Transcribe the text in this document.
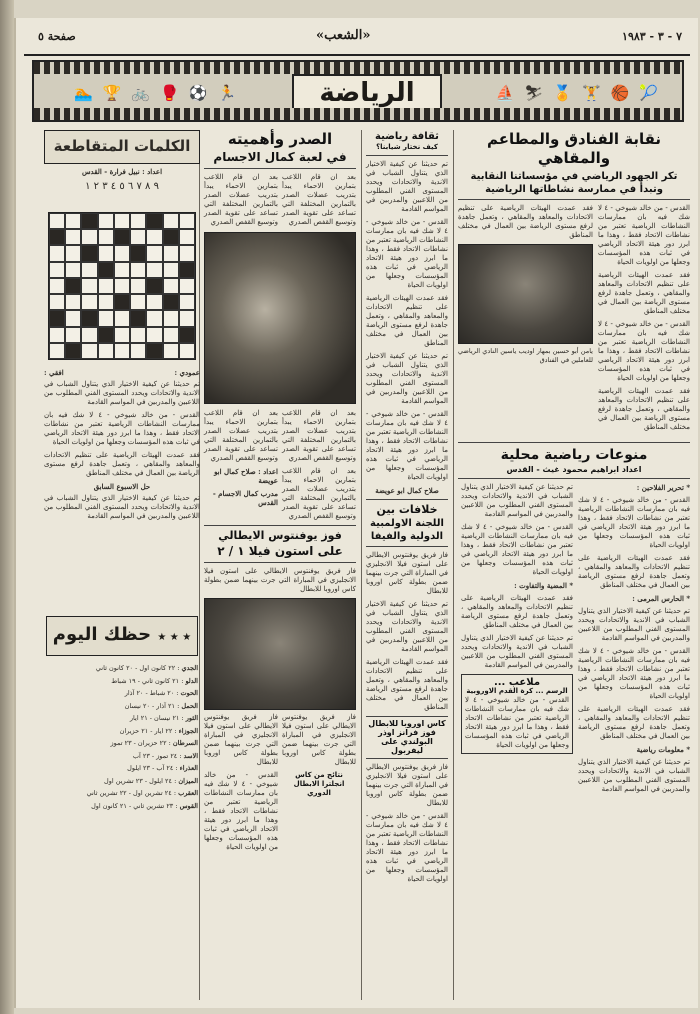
٧ - ٣ - ١٩٨٣
«الشعب»
صفحة ٥
🏃
⚽
🥊
🚲
🏆
🏊	الرياضة	🎾
🏀
🏋
🏅
⛷
⛵
نقابة الفنادق والمطاعم والمقاهي
تكر الجهود الرياضي في مؤسساتنا النقابية
وتبدأ في ممارسة نشاطاتها الرياضية

القدس - من خالد شيوخي - ٤ لا شك فيه بان ممارسات النشاطات الرياضية تعتبر من نشاطات الاتحاد فقط ، وهذا ما ابرز دور هيئة الاتحاد الرياضي في ثبات هذه المؤسسات وجعلها من اولويات الحياة

فقد عمدت الهيئات الرياضية على تنظيم الاتحادات والمعاهد والمقاهي ، وتعمل جاهدة لرفع مستوى الرياضة بين العمال في مختلف المناطق

القدس - من خالد شيوخي - ٤ لا شك فيه بان ممارسات النشاطات الرياضية تعتبر من نشاطات الاتحاد فقط ، وهذا ما ابرز دور هيئة الاتحاد الرياضي في ثبات هذه المؤسسات وجعلها من اولويات الحياة

فقد عمدت الهيئات الرياضية على تنظيم الاتحادات والمعاهد والمقاهي ، وتعمل جاهدة لرفع مستوى الرياضة بين العمال في مختلف المناطق

فقد عمدت الهيئات الرياضية على تنظيم الاتحادات والمعاهد والمقاهي ، وتعمل جاهدة لرفع مستوى الرياضة بين العمال في مختلف المناطق

يامن أبو حسين بمهار اوديب ياسين النادي الرياضي للعاملين في الفنادق

منوعات رياضية محلية
اعداد ابراهيم محمود غيث - القدس

* تحرير الفلاحين :

القدس - من خالد شيوخي - ٤ لا شك فيه بان ممارسات النشاطات الرياضية تعتبر من نشاطات الاتحاد فقط ، وهذا ما ابرز دور هيئة الاتحاد الرياضي في ثبات هذه المؤسسات وجعلها من اولويات الحياة

فقد عمدت الهيئات الرياضية على تنظيم الاتحادات والمعاهد والمقاهي ، وتعمل جاهدة لرفع مستوى الرياضة بين العمال في مختلف المناطق

* الحارس المرمى :

تم حديثنا عن كيفية الاختيار الذي يتناول الشباب في الاندية والاتحادات ويحدد المستوى الفني المطلوب من اللاعبين والمدربين في المواسم القادمة

القدس - من خالد شيوخي - ٤ لا شك فيه بان ممارسات النشاطات الرياضية تعتبر من نشاطات الاتحاد فقط ، وهذا ما ابرز دور هيئة الاتحاد الرياضي في ثبات هذه المؤسسات وجعلها من اولويات الحياة

فقد عمدت الهيئات الرياضية على تنظيم الاتحادات والمعاهد والمقاهي ، وتعمل جاهدة لرفع مستوى الرياضة بين العمال في مختلف المناطق

* معلومات رياضية

تم حديثنا عن كيفية الاختيار الذي يتناول الشباب في الاندية والاتحادات ويحدد المستوى الفني المطلوب من اللاعبين والمدربين في المواسم القادمة

تم حديثنا عن كيفية الاختيار الذي يتناول الشباب في الاندية والاتحادات ويحدد المستوى الفني المطلوب من اللاعبين والمدربين في المواسم القادمة

القدس - من خالد شيوخي - ٤ لا شك فيه بان ممارسات النشاطات الرياضية تعتبر من نشاطات الاتحاد فقط ، وهذا ما ابرز دور هيئة الاتحاد الرياضي في ثبات هذه المؤسسات وجعلها من اولويات الحياة

* المضية والتفاوت :

فقد عمدت الهيئات الرياضية على تنظيم الاتحادات والمعاهد والمقاهي ، وتعمل جاهدة لرفع مستوى الرياضة بين العمال في مختلف المناطق

تم حديثنا عن كيفية الاختيار الذي يتناول الشباب في الاندية والاتحادات ويحدد المستوى الفني المطلوب من اللاعبين والمدربين في المواسم القادمة

ملاعب ...
الرسم ... كرة القدم الاوروبية

القدس - من خالد شيوخي - ٤ لا شك فيه بان ممارسات النشاطات الرياضية تعتبر من نشاطات الاتحاد فقط ، وهذا ما ابرز دور هيئة الاتحاد الرياضي في ثبات هذه المؤسسات وجعلها من اولويات الحياة

ثقافة رياضية
كيف نختار شيابنا؟

تم حديثنا عن كيفية الاختيار الذي يتناول الشباب في الاندية والاتحادات ويحدد المستوى الفني المطلوب من اللاعبين والمدربين في المواسم القادمة

القدس - من خالد شيوخي - ٤ لا شك فيه بان ممارسات النشاطات الرياضية تعتبر من نشاطات الاتحاد فقط ، وهذا ما ابرز دور هيئة الاتحاد الرياضي في ثبات هذه المؤسسات وجعلها من اولويات الحياة

فقد عمدت الهيئات الرياضية على تنظيم الاتحادات والمعاهد والمقاهي ، وتعمل جاهدة لرفع مستوى الرياضة بين العمال في مختلف المناطق

تم حديثنا عن كيفية الاختيار الذي يتناول الشباب في الاندية والاتحادات ويحدد المستوى الفني المطلوب من اللاعبين والمدربين في المواسم القادمة

القدس - من خالد شيوخي - ٤ لا شك فيه بان ممارسات النشاطات الرياضية تعتبر من نشاطات الاتحاد فقط ، وهذا ما ابرز دور هيئة الاتحاد الرياضي في ثبات هذه المؤسسات وجعلها من اولويات الحياة

صلاح كمال ابو عويضة

خلافات بين
اللجنة الاولمبية الدولية والفيفا

فاز فريق يوفنتوس الايطالي على استون فيلا الانجليزي في المباراة التي جرت بينهما ضمن بطولة كاس اوروبا للابطال

تم حديثنا عن كيفية الاختيار الذي يتناول الشباب في الاندية والاتحادات ويحدد المستوى الفني المطلوب من اللاعبين والمدربين في المواسم القادمة

فقد عمدت الهيئات الرياضية على تنظيم الاتحادات والمعاهد والمقاهي ، وتعمل جاهدة لرفع مستوى الرياضة بين العمال في مختلف المناطق

كاس اوروبا للابطال
فوز فرانز اوذر البولندي على ليفربول

فاز فريق يوفنتوس الايطالي على استون فيلا الانجليزي في المباراة التي جرت بينهما ضمن بطولة كاس اوروبا للابطال

القدس - من خالد شيوخي - ٤ لا شك فيه بان ممارسات النشاطات الرياضية تعتبر من نشاطات الاتحاد فقط ، وهذا ما ابرز دور هيئة الاتحاد الرياضي في ثبات هذه المؤسسات وجعلها من اولويات الحياة

الصدر وأهميته
في لعبة كمال الاجسام

بعد ان قام اللاعب بتمارين الاحماء يبدأ بتدريب عضلات الصدر بالتمارين المختلفة التي تساعد على تقوية الصدر وتوسيع القفص الصدري

بعد ان قام اللاعب بتمارين الاحماء يبدأ بتدريب عضلات الصدر بالتمارين المختلفة التي تساعد على تقوية الصدر وتوسيع القفص الصدري

بعد ان قام اللاعب بتمارين الاحماء يبدأ بتدريب عضلات الصدر بالتمارين المختلفة التي تساعد على تقوية الصدر وتوسيع القفص الصدري

بعد ان قام اللاعب بتمارين الاحماء يبدأ بتدريب عضلات الصدر بالتمارين المختلفة التي تساعد على تقوية الصدر وتوسيع القفص الصدري

بعد ان قام اللاعب بتمارين الاحماء يبدأ بتدريب عضلات الصدر بالتمارين المختلفة التي تساعد على تقوية الصدر وتوسيع القفص الصدري

اعداد : صلاح كمال ابو عويضة

مدرب كمال الاجسام - القدس

فوز يوفنتوس الايطالي
على استون فيلا ١ / ٢

فاز فريق يوفنتوس الايطالي على استون فيلا الانجليزي في المباراة التي جرت بينهما ضمن بطولة كاس اوروبا للابطال

فاز فريق يوفنتوس الايطالي على استون فيلا الانجليزي في المباراة التي جرت بينهما ضمن بطولة كاس اوروبا للابطال

نتائج من كاس
انجلترا الابطال
الدوري

فاز فريق يوفنتوس الايطالي على استون فيلا الانجليزي في المباراة التي جرت بينهما ضمن بطولة كاس اوروبا للابطال

القدس - من خالد شيوخي - ٤ لا شك فيه بان ممارسات النشاطات الرياضية تعتبر من نشاطات الاتحاد فقط ، وهذا ما ابرز دور هيئة الاتحاد الرياضي في ثبات هذه المؤسسات وجعلها من اولويات الحياة

الكلمات المتقاطعة
اعداد : نبيل فرارة - القدس
٩ ٨ ٧ ٦ ٥ ٤ ٣ ٢ ١
عمودي :
افقي :

تم حديثنا عن كيفية الاختيار الذي يتناول الشباب في الاندية والاتحادات ويحدد المستوى الفني المطلوب من اللاعبين والمدربين في المواسم القادمة

القدس - من خالد شيوخي - ٤ لا شك فيه بان ممارسات النشاطات الرياضية تعتبر من نشاطات الاتحاد فقط ، وهذا ما ابرز دور هيئة الاتحاد الرياضي في ثبات هذه المؤسسات وجعلها من اولويات الحياة

فقد عمدت الهيئات الرياضية على تنظيم الاتحادات والمعاهد والمقاهي ، وتعمل جاهدة لرفع مستوى الرياضة بين العمال في مختلف المناطق

حل الاسبوع السابق

تم حديثنا عن كيفية الاختيار الذي يتناول الشباب في الاندية والاتحادات ويحدد المستوى الفني المطلوب من اللاعبين والمدربين في المواسم القادمة

★ ★ ★ حظك اليوم
الجدي : ٢٢ كانون اول - ٢٠ كانون ثاني
الدلو : ٢١ كانون ثاني - ١٩ شباط
الحوت : ٢٠ شباط - ٢٠ آذار
الحمل : ٢١ آذار - ٢٠ نيسان
الثور : ٢١ نيسان - ٢١ ايار
الجوزاء : ٢٢ ايار - ٢١ حزيران
السرطان : ٢٢ حزيران - ٢٣ تموز
الاسد : ٢٤ تموز - ٢٣ آب
العذراء : ٢٤ آب - ٢٣ ايلول
الميزان : ٢٤ ايلول - ٢٣ تشرين اول
العقرب : ٢٤ تشرين اول - ٢٢ تشرين ثاني
القوس : ٢٣ تشرين ثاني - ٢١ كانون اول
